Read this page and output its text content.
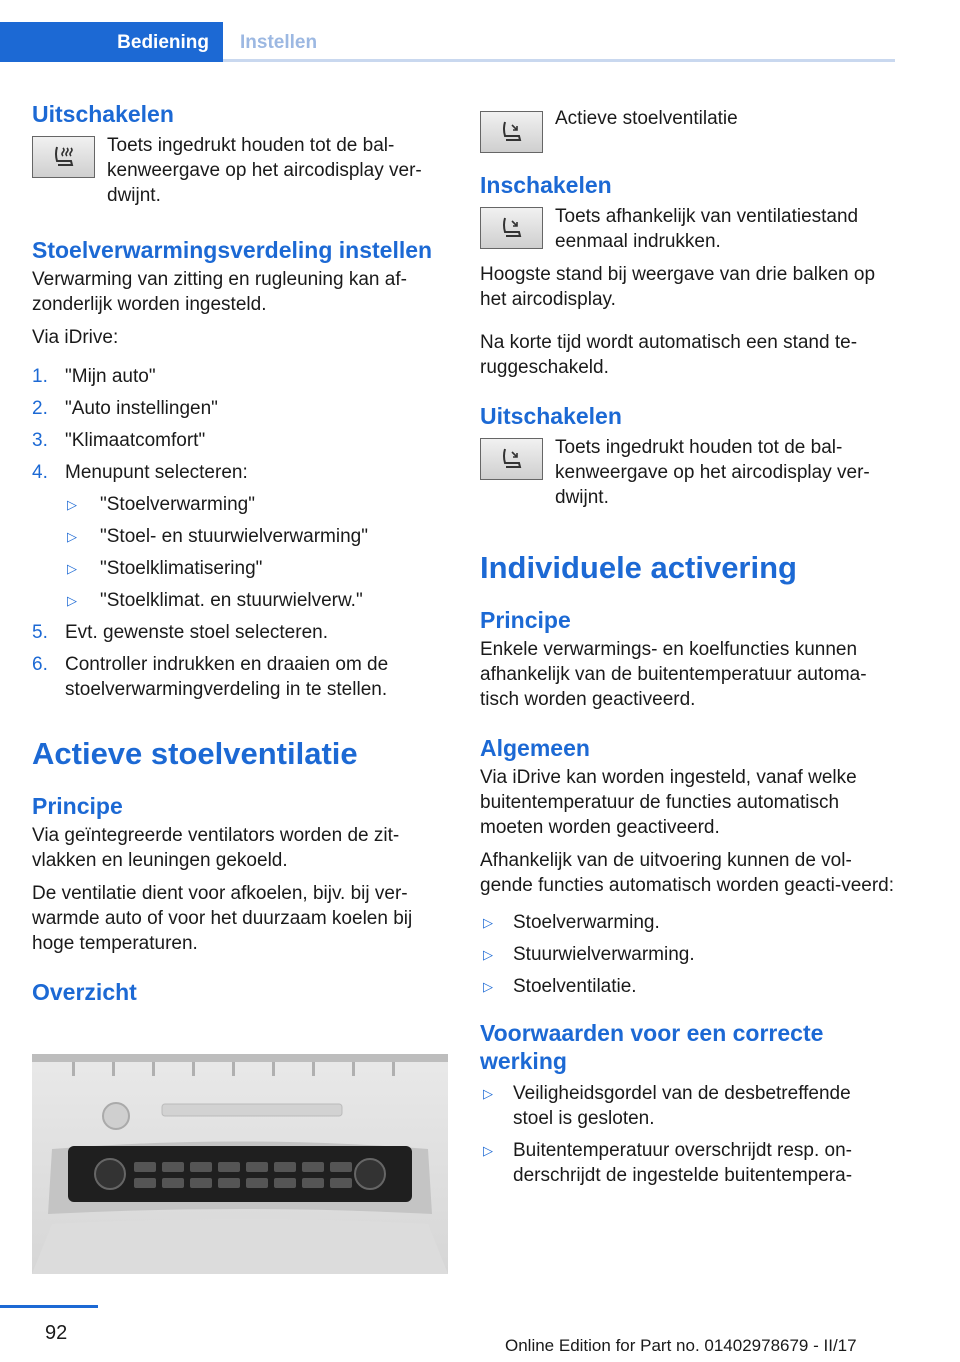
Bediening	Instellen
Uitschakelen

Toets ingedrukt houden tot de bal-kenweergave op het aircodisplay ver-dwijnt.

Stoelverwarmingsverdeling instellen

Verwarming van zitting en rugleuning kan af-zonderlijk worden ingesteld.

Via iDrive:

1. "Mijn auto"
2. "Auto instellingen"
3. "Klimaatcomfort"
4. Menupunt selecteren:
▷ "Stoelverwarming"
▷ "Stoel- en stuurwielverwarming"
▷ "Stoelklimatisering"
▷ "Stoelklimat. en stuurwielverw."
5. Evt. gewenste stoel selecteren.
6. Controller indrukken en draaien om de stoelverwarmingverdeling in te stellen.
Actieve stoelventilatie
Principe

Via geïntegreerde ventilators worden de zit-vlakken en leuningen gekoeld.

De ventilatie dient voor afkoelen, bijv. bij ver-warmde auto of voor het duurzaam koelen bij hoge temperaturen.

Overzicht

Actieve stoelventilatie

Inschakelen

Toets afhankelijk van ventilatiestand eenmaal indrukken.

Hoogste stand bij weergave van drie balken op het aircodisplay.

Na korte tijd wordt automatisch een stand te-ruggeschakeld.

Uitschakelen

Toets ingedrukt houden tot de bal-kenweergave op het aircodisplay ver-dwijnt.

Individuele activering
Principe

Enkele verwarmings- en koelfuncties kunnen afhankelijk van de buitentemperatuur automa-tisch worden geactiveerd.

Algemeen

Via iDrive kan worden ingesteld, vanaf welke buitentemperatuur de functies automatisch moeten worden geactiveerd.

Afhankelijk van de uitvoering kunnen de vol-gende functies automatisch worden geacti-veerd:

▷ Stoelverwarming.
▷ Stuurwielverwarming.
▷ Stoelventilatie.
Voorwaarden voor een correcte werking
▷ Veiligheidsgordel van de desbetreffende stoel is gesloten.
▷ Buitentemperatuur overschrijdt resp. on-derschrijdt de ingestelde buitentempera-
92
Online Edition for Part no. 01402978679 - II/17
